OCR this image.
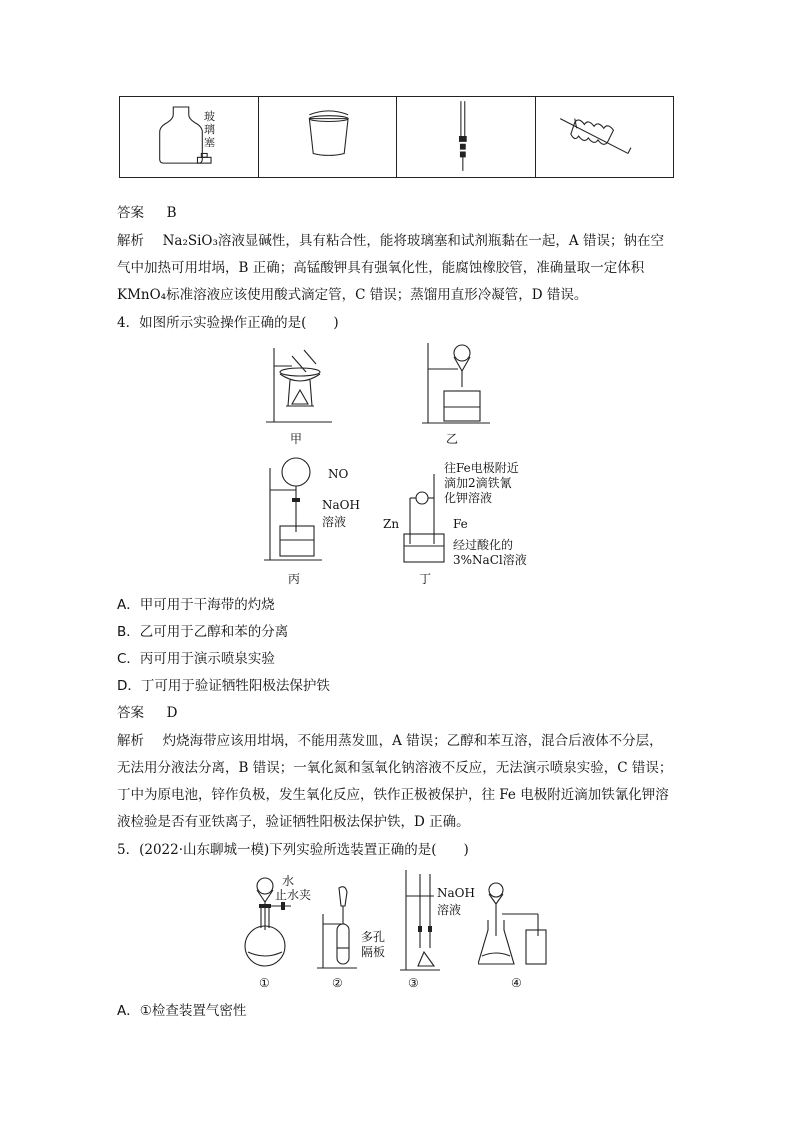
玻
璃
塞
答案 B
解析 Na₂SiO₃溶液显碱性，具有粘合性，能将玻璃塞和试剂瓶黏在一起，A 错误；钠在空
气中加热可用坩埚，B 正确；高锰酸钾具有强氧化性，能腐蚀橡胶管，准确量取一定体积
KMnO₄标准溶液应该使用酸式滴定管，C 错误；蒸馏用直形冷凝管，D 错误。
4．如图所示实验操作正确的是(　　)
甲	乙
NO
NaOH
溶液
丙
往Fe电极附近
滴加2滴铁氰
化钾溶液
Zn	Fe
经过酸化的
3%NaCl溶液
丁
A．甲可用于干海带的灼烧
B．乙可用于乙醇和苯的分离
C．丙可用于演示喷泉实验
D．丁可用于验证牺牲阳极法保护铁
答案 D
解析 灼烧海带应该用坩埚，不能用蒸发皿，A 错误；乙醇和苯互溶，混合后液体不分层，
无法用分液法分离，B 错误；一氧化氮和氢氧化钠溶液不反应，无法演示喷泉实验，C 错误；
丁中为原电池，锌作负极，发生氧化反应，铁作正极被保护，往 Fe 电极附近滴加铁氰化钾溶
液检验是否有亚铁离子，验证牺牲阳极法保护铁，D 正确。
5．(2022·山东聊城一模)下列实验所选装置正确的是(　　)
水
止水夹
①
多孔
隔板
②
NaOH
溶液
③	④
A．①检查装置气密性
